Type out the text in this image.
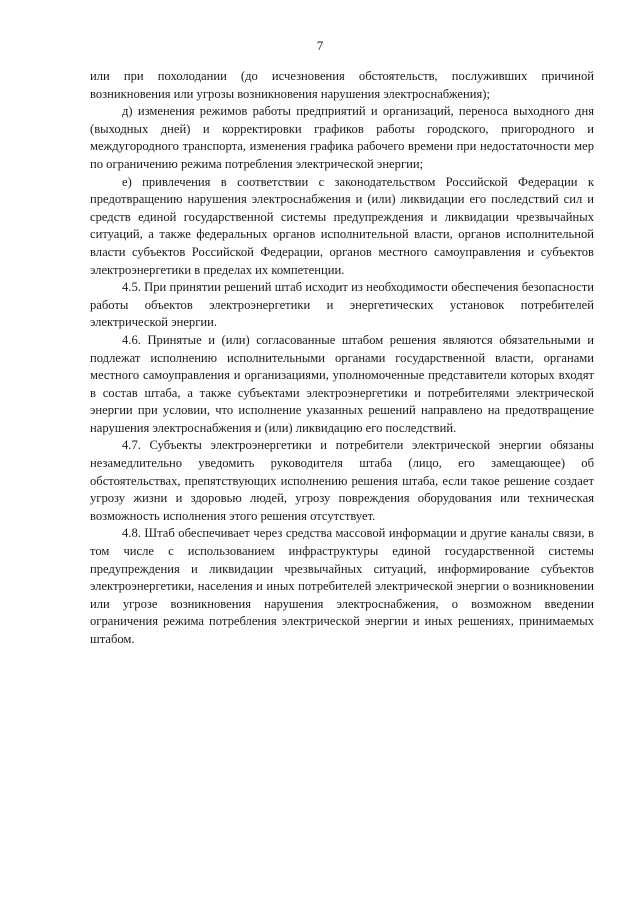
7

или при похолодании (до исчезновения обстоятельств, послуживших причиной возникновения или угрозы возникновения нарушения электроснабжения);

д) изменения режимов работы предприятий и организаций, переноса выходного дня (выходных дней) и корректировки графиков работы городского, пригородного и междугородного транспорта, изменения графика рабочего времени при недостаточности мер по ограничению режима потребления электрической энергии;

е) привлечения в соответствии с законодательством Российской Федерации к предотвращению нарушения электроснабжения и (или) ликвидации его последствий сил и средств единой государственной системы предупреждения и ликвидации чрезвычайных ситуаций, а также федеральных органов исполнительной власти, органов исполнительной власти субъектов Российской Федерации, органов местного самоуправления и субъектов электроэнергетики в пределах их компетенции.

4.5. При принятии решений штаб исходит из необходимости обеспечения безопасности работы объектов электроэнергетики и энергетических установок потребителей электрической энергии.

4.6. Принятые и (или) согласованные штабом решения являются обязательными и подлежат исполнению исполнительными органами государственной власти, органами местного самоуправления и организациями, уполномоченные представители которых входят в состав штаба, а также субъектами электроэнергетики и потребителями электрической энергии при условии, что исполнение указанных решений направлено на предотвращение нарушения электроснабжения и (или) ликвидацию его последствий.

4.7. Субъекты электроэнергетики и потребители электрической энергии обязаны незамедлительно уведомить руководителя штаба (лицо, его замещающее) об обстоятельствах, препятствующих исполнению решения штаба, если такое решение создает угрозу жизни и здоровью людей, угрозу повреждения оборудования или техническая возможность исполнения этого решения отсутствует.

4.8. Штаб обеспечивает через средства массовой информации и другие каналы связи, в том числе с использованием инфраструктуры единой государственной системы предупреждения и ликвидации чрезвычайных ситуаций, информирование субъектов электроэнергетики, населения и иных потребителей электрической энергии о возникновении или угрозе возникновения нарушения электроснабжения, о возможном введении ограничения режима потребления электрической энергии и иных решениях, принимаемых штабом.
